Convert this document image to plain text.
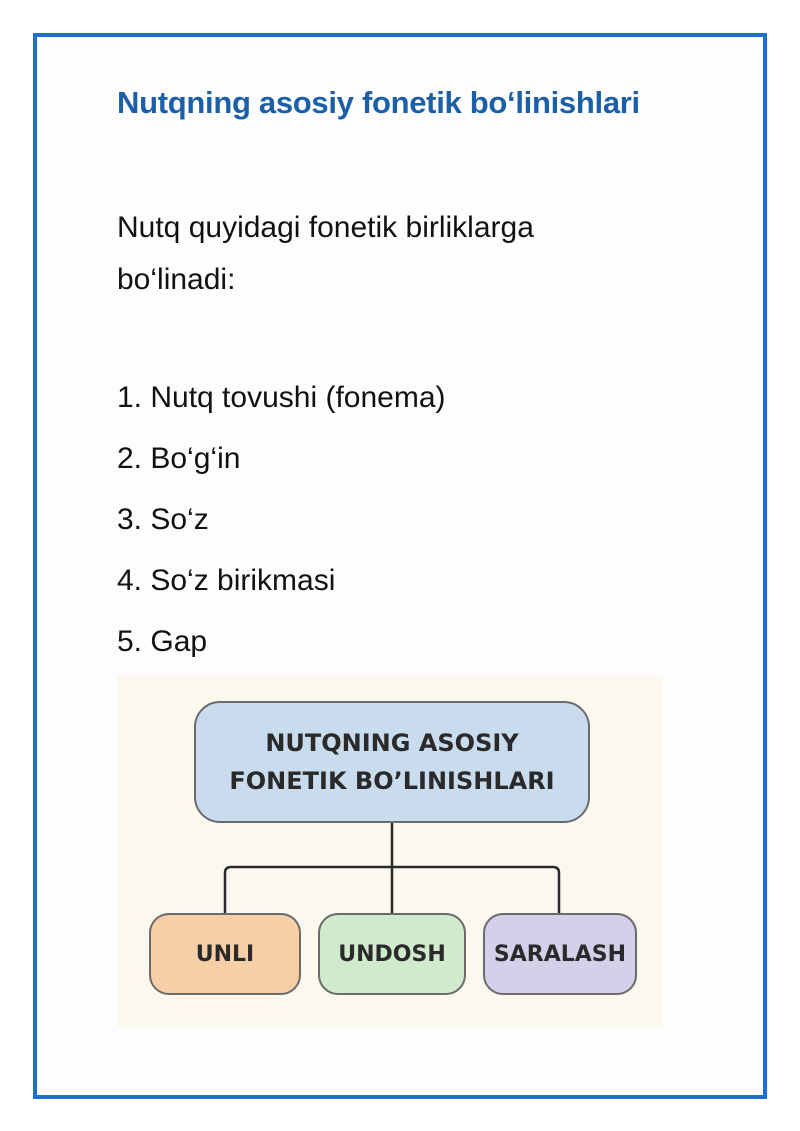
Nutqning asosiy fonetik bo‘linishlari

Nutq quyidagi fonetik birliklarga bo‘linadi:

1. Nutq tovushi (fonema)
2. Bo‘g‘in
3. So‘z
4. So‘z birikmasi
5. Gap
NUTQNING ASOSIY FONETIK BO’LINISHLARI
UNLI	UNDOSH	SARALASH
